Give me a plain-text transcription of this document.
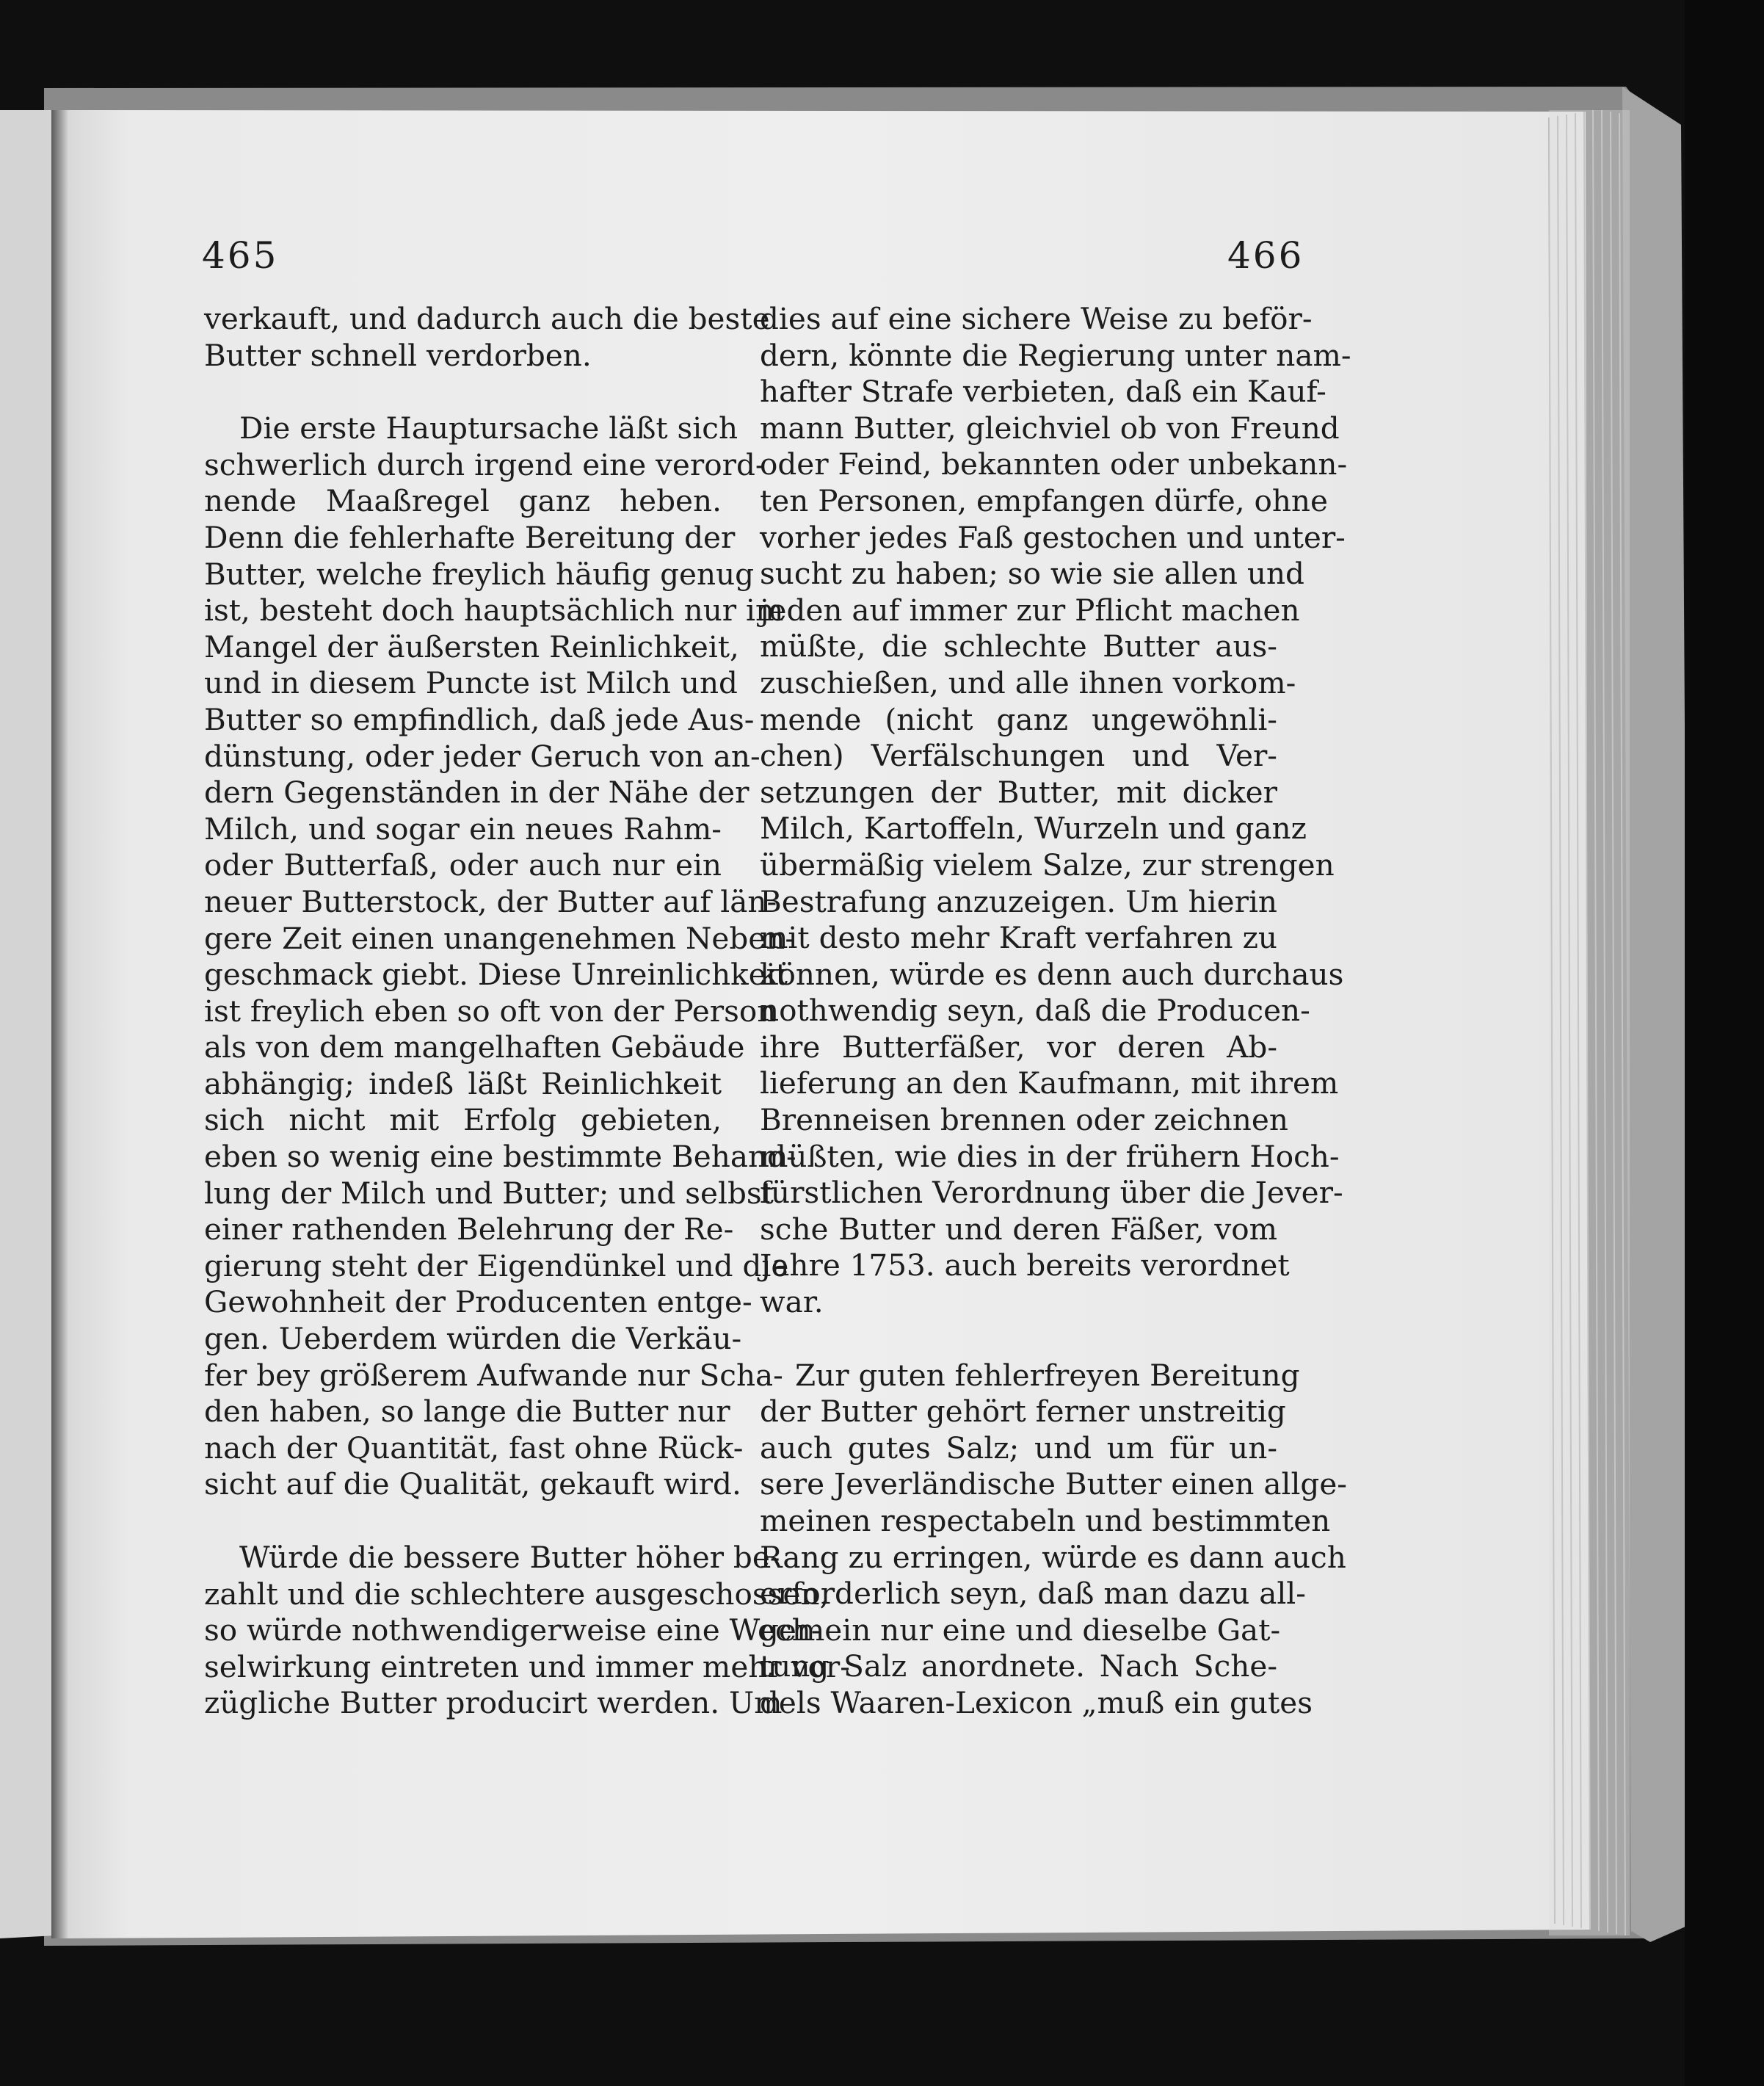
465	466
verkauft, und dadurch auch die beste
Butter schnell verdorben.
Die erste Hauptursache läßt sich
schwerlich durch irgend eine verord-
nende Maaßregel ganz heben.
Denn die fehlerhafte Bereitung der
Butter, welche freylich häufig genug
ist, besteht doch hauptsächlich nur im
Mangel der äußersten Reinlichkeit,
und in diesem Puncte ist Milch und
Butter so empfindlich, daß jede Aus-
dünstung, oder jeder Geruch von an-
dern Gegenständen in der Nähe der
Milch, und sogar ein neues Rahm-
oder Butterfaß, oder auch nur ein
neuer Butterstock, der Butter auf län-
gere Zeit einen unangenehmen Neben-
geschmack giebt. Diese Unreinlichkeit
ist freylich eben so oft von der Person
als von dem mangelhaften Gebäude
abhängig; indeß läßt Reinlichkeit
sich nicht mit Erfolg gebieten,
eben so wenig eine bestimmte Behand-
lung der Milch und Butter; und selbst
einer rathenden Belehrung der Re-
gierung steht der Eigendünkel und die
Gewohnheit der Producenten entge-
gen. Ueberdem würden die Verkäu-
fer bey größerem Aufwande nur Scha-
den haben, so lange die Butter nur
nach der Quantität, fast ohne Rück-
sicht auf die Qualität, gekauft wird.
Würde die bessere Butter höher be-
zahlt und die schlechtere ausgeschossen,
so würde nothwendigerweise eine Wech-
selwirkung eintreten und immer mehr vor-
zügliche Butter producirt werden. Um
dies auf eine sichere Weise zu beför-
dern, könnte die Regierung unter nam-
hafter Strafe verbieten, daß ein Kauf-
mann Butter, gleichviel ob von Freund
oder Feind, bekannten oder unbekann-
ten Personen, empfangen dürfe, ohne
vorher jedes Faß gestochen und unter-
sucht zu haben; so wie sie allen und
jeden auf immer zur Pflicht machen
müßte, die schlechte Butter aus-
zuschießen, und alle ihnen vorkom-
mende (nicht ganz ungewöhnli-
chen) Verfälschungen und Ver-
setzungen der Butter, mit dicker
Milch, Kartoffeln, Wurzeln und ganz
übermäßig vielem Salze, zur strengen
Bestrafung anzuzeigen. Um hierin
mit desto mehr Kraft verfahren zu
können, würde es denn auch durchaus
nothwendig seyn, daß die Producen-
ihre Butterfäßer, vor deren Ab-
lieferung an den Kaufmann, mit ihrem
Brenneisen brennen oder zeichnen
müßten, wie dies in der frühern Hoch-
fürstlichen Verordnung über die Jever-
sche Butter und deren Fäßer, vom
Jahre 1753. auch bereits verordnet
war.
Zur guten fehlerfreyen Bereitung
der Butter gehört ferner unstreitig
auch gutes Salz; und um für un-
sere Jeverländische Butter einen allge-
meinen respectabeln und bestimmten
Rang zu erringen, würde es dann auch
erforderlich seyn, daß man dazu all-
gemein nur eine und dieselbe Gat-
tung Salz anordnete. Nach Sche-
dels Waaren-Lexicon „muß ein gutes
